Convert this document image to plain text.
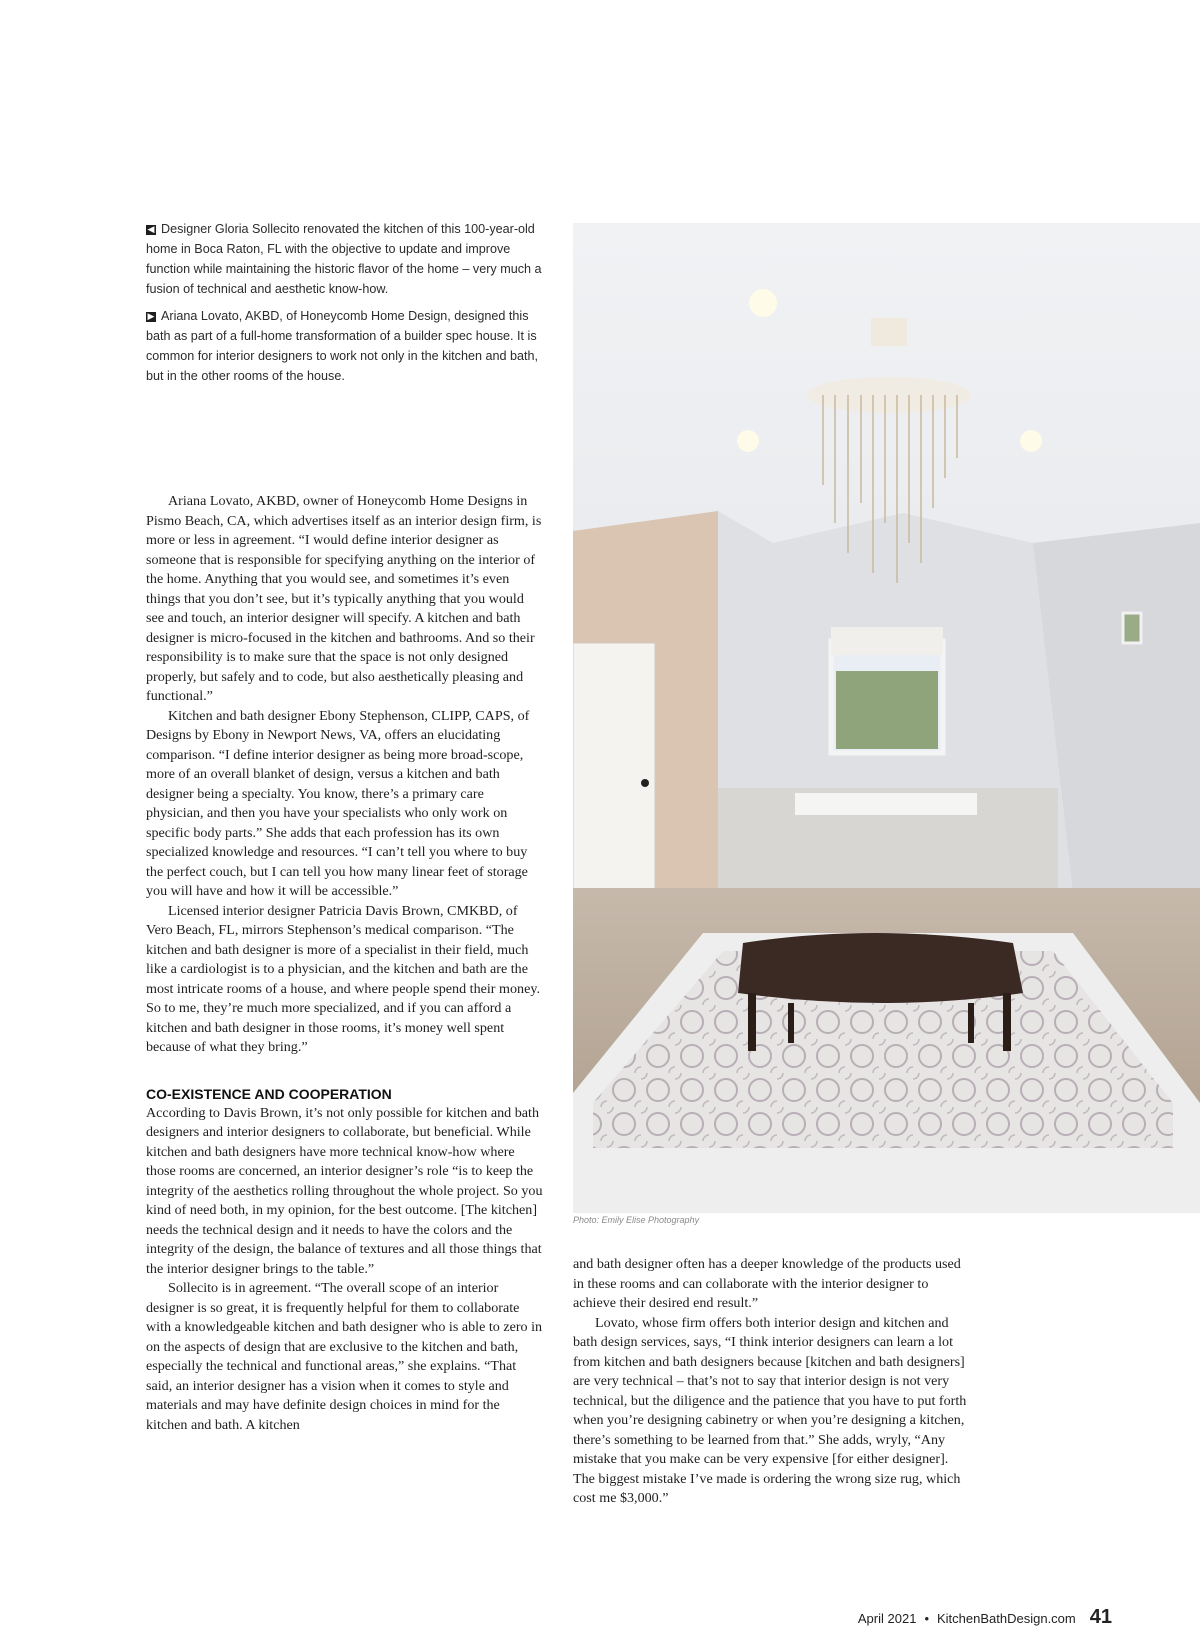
◀ Designer Gloria Sollecito renovated the kitchen of this 100-year-old home in Boca Raton, FL with the objective to update and improve function while maintaining the historic flavor of the home – very much a fusion of technical and aesthetic know-how.

▶ Ariana Lovato, AKBD, of Honeycomb Home Design, designed this bath as part of a full-home transformation of a builder spec house. It is common for interior designers to work not only in the kitchen and bath, but in the other rooms of the house.

Ariana Lovato, AKBD, owner of Honeycomb Home Designs in Pismo Beach, CA, which advertises itself as an interior design firm, is more or less in agreement. “I would define interior designer as someone that is responsible for specifying anything on the interior of the home. Anything that you would see, and sometimes it’s even things that you don’t see, but it’s typically anything that you would see and touch, an interior designer will specify. A kitchen and bath designer is micro-focused in the kitchen and bathrooms. And so their responsibility is to make sure that the space is not only designed properly, but safely and to code, but also aesthetically pleasing and functional.”

Kitchen and bath designer Ebony Stephenson, CLIPP, CAPS, of Designs by Ebony in Newport News, VA, offers an elucidating comparison. “I define interior designer as being more broad-scope, more of an overall blanket of design, versus a kitchen and bath designer being a specialty. You know, there’s a primary care physician, and then you have your specialists who only work on specific body parts.” She adds that each profession has its own specialized knowledge and resources. “I can’t tell you where to buy the perfect couch, but I can tell you how many linear feet of storage you will have and how it will be accessible.”

Licensed interior designer Patricia Davis Brown, CMKBD, of Vero Beach, FL, mirrors Stephenson’s medical comparison. “The kitchen and bath designer is more of a specialist in their field, much like a cardiologist is to a physician, and the kitchen and bath are the most intricate rooms of a house, and where people spend their money. So to me, they’re much more specialized, and if you can afford a kitchen and bath designer in those rooms, it’s money well spent because of what they bring.”

CO-EXISTENCE AND COOPERATION

According to Davis Brown, it’s not only possible for kitchen and bath designers and interior designers to collaborate, but beneficial. While kitchen and bath designers have more technical know-how where those rooms are concerned, an interior designer’s role “is to keep the integrity of the aesthetics rolling throughout the whole project. So you kind of need both, in my opinion, for the best outcome. [The kitchen] needs the technical design and it needs to have the colors and the integrity of the design, the balance of textures and all those things that the interior designer brings to the table.”

Sollecito is in agreement. “The overall scope of an interior designer is so great, it is frequently helpful for them to collaborate with a knowledgeable kitchen and bath designer who is able to zero in on the aspects of design that are exclusive to the kitchen and bath, especially the technical and functional areas,” she explains. “That said, an interior designer has a vision when it comes to style and materials and may have definite design choices in mind for the kitchen and bath. A kitchen

Photo: Emily Elise Photography

and bath designer often has a deeper knowledge of the products used in these rooms and can collaborate with the interior designer to achieve their desired end result.”

Lovato, whose firm offers both interior design and kitchen and bath design services, says, “I think interior designers can learn a lot from kitchen and bath designers because [kitchen and bath designers] are very technical – that’s not to say that interior design is not very technical, but the diligence and the patience that you have to put forth when you’re designing cabinetry or when you’re designing a kitchen, there’s something to be learned from that.” She adds, wryly, “Any mistake that you make can be very expensive [for either designer]. The biggest mistake I’ve made is ordering the wrong size rug, which cost me $3,000.”

April 2021 • KitchenBathDesign.com 41
